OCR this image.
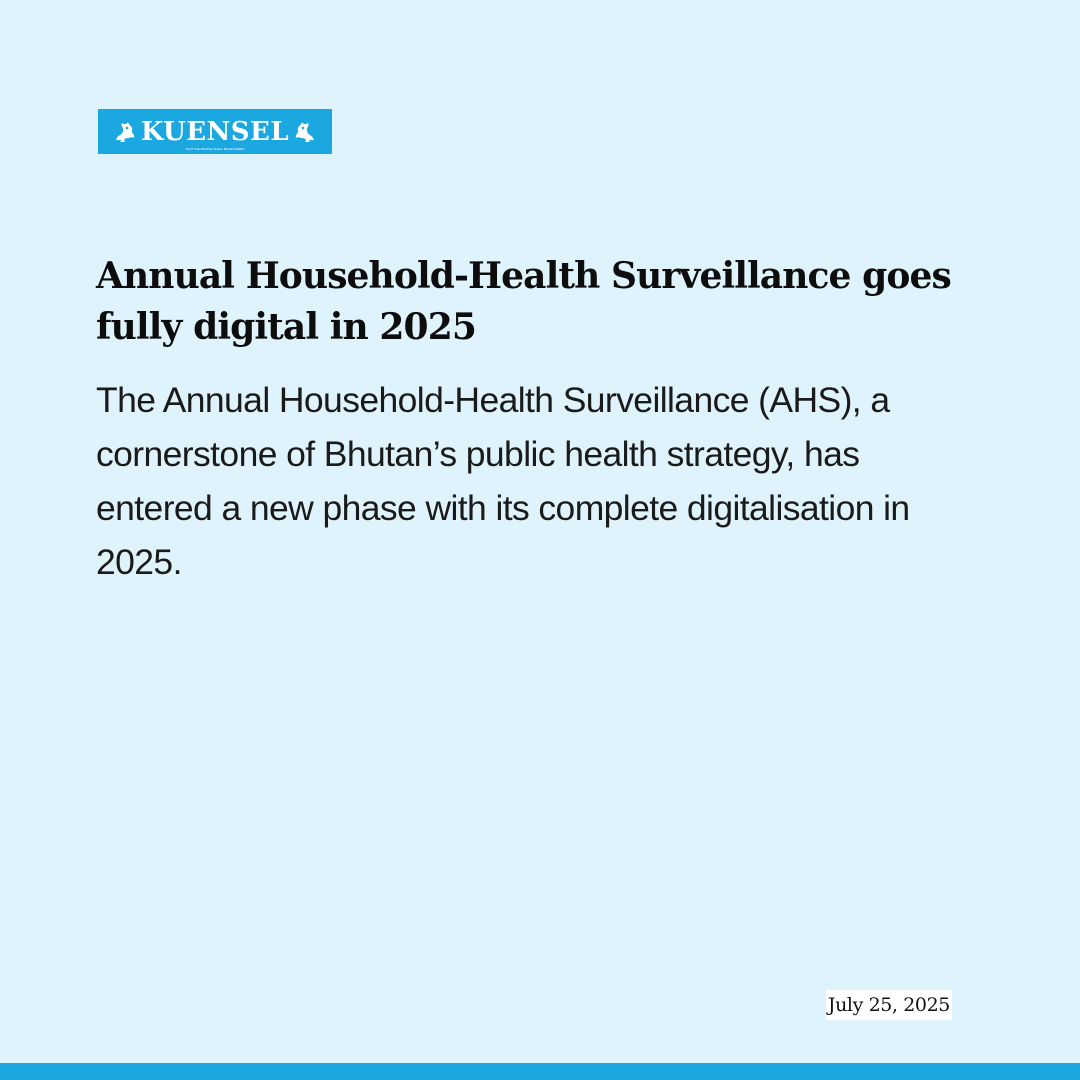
KUENSEL
THAT THE PEOPLE SHALL BE INFORMED
Annual Household-Health Surveillance goes fully digital in 2025

The Annual Household-Health Surveillance (AHS), a cornerstone of Bhutan’s public health strategy, has entered a new phase with its complete digitalisation in 2025.

July 25, 2025
